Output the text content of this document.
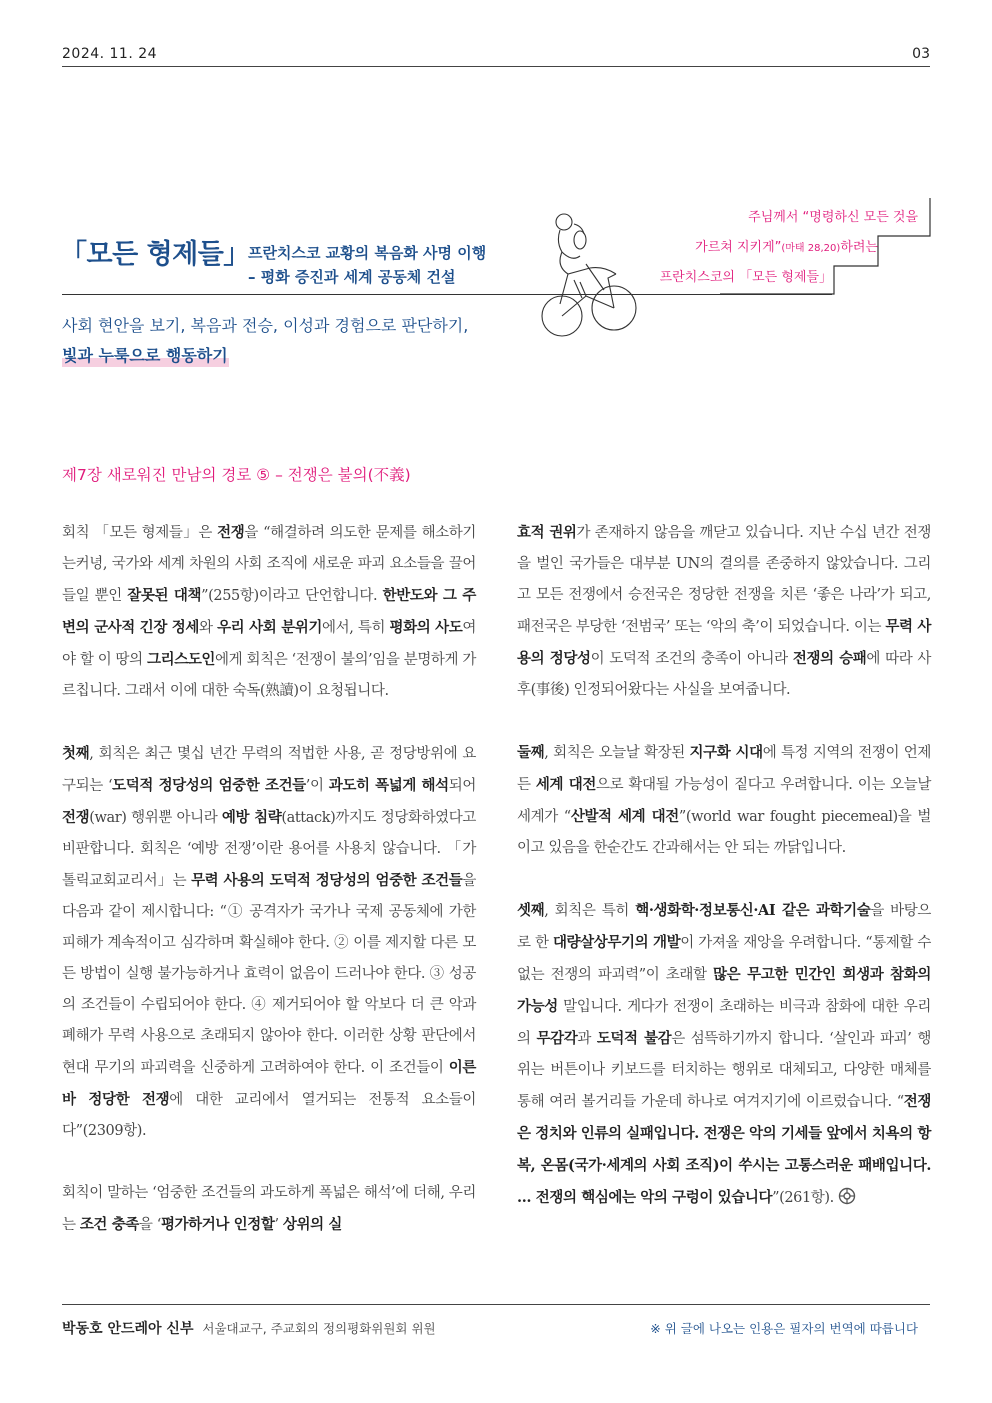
2024. 11. 24	03
「모든 형제들」
프란치스코 교황의 복음화 사명 이행
– 평화 증진과 세계 공동체 건설
사회 현안을 보기, 복음과 전승, 이성과 경험으로 판단하기,
빛과 누룩으로 행동하기
주님께서 “명령하신 모든 것을
가르쳐 지키게”(마태 28,20)하려는
프란치스코의 「모든 형제들」
제7장 새로워진 만남의 경로 ⑤ – 전쟁은 불의(不義)

회칙 「모든 형제들」은 전쟁을 “해결하려 의도한 문제를 해소하기는커녕, 국가와 세계 차원의 사회 조직에 새로운 파괴 요소들을 끌어들일 뿐인 잘못된 대책”(255항)이라고 단언합니다. 한반도와 그 주변의 군사적 긴장 정세와 우리 사회 분위기에서, 특히 평화의 사도여야 할 이 땅의 그리스도인에게 회칙은 ‘전쟁이 불의’임을 분명하게 가르칩니다. 그래서 이에 대한 숙독(熟讀)이 요청됩니다.

첫째, 회칙은 최근 몇십 년간 무력의 적법한 사용, 곧 정당방위에 요구되는 ‘도덕적 정당성의 엄중한 조건들’이 과도히 폭넓게 해석되어 전쟁(war) 행위뿐 아니라 예방 침략(attack)까지도 정당화하였다고 비판합니다. 회칙은 ‘예방 전쟁’이란 용어를 사용치 않습니다. 「가톨릭교회교리서」는 무력 사용의 도덕적 정당성의 엄중한 조건들을 다음과 같이 제시합니다: “① 공격자가 국가나 국제 공동체에 가한 피해가 계속적이고 심각하며 확실해야 한다. ② 이를 제지할 다른 모든 방법이 실행 불가능하거나 효력이 없음이 드러나야 한다. ③ 성공의 조건들이 수립되어야 한다. ④ 제거되어야 할 악보다 더 큰 악과 폐해가 무력 사용으로 초래되지 않아야 한다. 이러한 상황 판단에서 현대 무기의 파괴력을 신중하게 고려하여야 한다. 이 조건들이 이른바 정당한 전쟁에 대한 교리에서 열거되는 전통적 요소들이다”(2309항).

회칙이 말하는 ‘엄중한 조건들의 과도하게 폭넓은 해석’에 더해, 우리는 조건 충족을 ‘평가하거나 인정할’ 상위의 실

효적 권위가 존재하지 않음을 깨닫고 있습니다. 지난 수십 년간 전쟁을 벌인 국가들은 대부분 UN의 결의를 존중하지 않았습니다. 그리고 모든 전쟁에서 승전국은 정당한 전쟁을 치른 ‘좋은 나라’가 되고, 패전국은 부당한 ‘전범국’ 또는 ‘악의 축’이 되었습니다. 이는 무력 사용의 정당성이 도덕적 조건의 충족이 아니라 전쟁의 승패에 따라 사후(事後) 인정되어왔다는 사실을 보여줍니다.

둘째, 회칙은 오늘날 확장된 지구화 시대에 특정 지역의 전쟁이 언제든 세계 대전으로 확대될 가능성이 짙다고 우려합니다. 이는 오늘날 세계가 “산발적 세계 대전”(world war fought piecemeal)을 벌이고 있음을 한순간도 간과해서는 안 되는 까닭입니다.

셋째, 회칙은 특히 핵·생화학·정보통신·AI 같은 과학기술을 바탕으로 한 대량살상무기의 개발이 가져올 재앙을 우려합니다. “통제할 수 없는 전쟁의 파괴력”이 초래할 많은 무고한 민간인 희생과 참화의 가능성 말입니다. 게다가 전쟁이 초래하는 비극과 참화에 대한 우리의 무감각과 도덕적 불감은 섬뜩하기까지 합니다. ‘살인과 파괴’ 행위는 버튼이나 키보드를 터치하는 행위로 대체되고, 다양한 매체를 통해 여러 볼거리들 가운데 하나로 여겨지기에 이르렀습니다. “전쟁은 정치와 인류의 실패입니다. 전쟁은 악의 기세들 앞에서 치욕의 항복, 온몸(국가·세계의 사회 조직)이 쑤시는 고통스러운 패배입니다. … 전쟁의 핵심에는 악의 구렁이 있습니다”(261항).

박동호 안드레아 신부 서울대교구, 주교회의 정의평화위원회 위원	※ 위 글에 나오는 인용은 필자의 번역에 따릅니다
